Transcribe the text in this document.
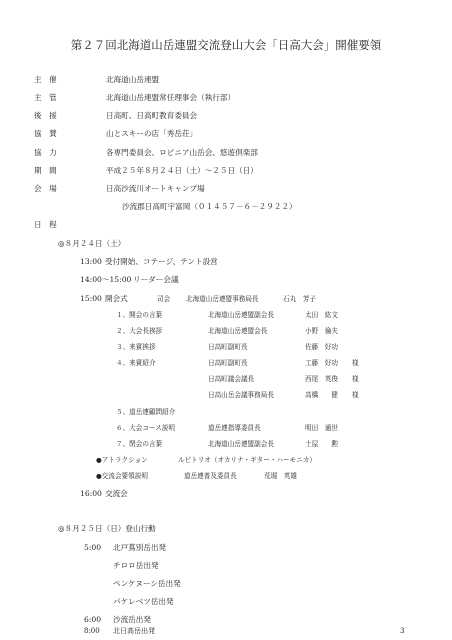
第２７回北海道山岳連盟交流登山大会「日高大会」開催要領
主　催	北海道山岳連盟
主　管	北海道山岳連盟常任理事会（執行部）
後　援	日高町、日高町教育委員会
協　賛	山とスキーの店「秀岳荘」
協　力	各専門委員会、ロピニア山岳会、悠遊倶楽部
期　間	平成２５年８月２４日（土）～２５日（日）
会　場	日高沙流川オートキャンプ場
沙流郡日高町宇富岡（０１４５７－６－２９２２）
日　程
◎８月２４日（土）
13:00 受付開始、コテージ、テント設営
14:00～15:00 リーダー会議
15:00 開会式	司会 北海道山岳連盟事務局長	石丸　芳子
１、開会の言葉	北海道山岳連盟副会長	太田　紘文
２、大会長挨拶	北海道山岳連盟会長	小野　倫夫
３、来賓挨拶	日高町副町長	佐藤　好功
４、来賓紹介	日高町副町長	工藤　好功 様
日高町議会議長	西尾　英俊 様
日高山岳会議事務局長	高橋　　健 様
５、道岳連顧問紹介
６、大会コース説明	道岳連指導委員長	明田　通世
７、閉会の言葉	北海道山岳連盟副会長	土屋　　勲
●アトラクション	ルピトリオ（オカリナ・ギター・ハーモニカ）
●交流会要領説明	道岳連普及委員長	荒堀　英雄
16:00 交流会
◎８月２５日（日）登山行動
5:00 北戸蔦別岳出発
チロロ岳出発
ペンケヌーシ岳出発
パケレベツ岳出発
6:00 沙流岳出発
8:00 北日高岳出発	3
